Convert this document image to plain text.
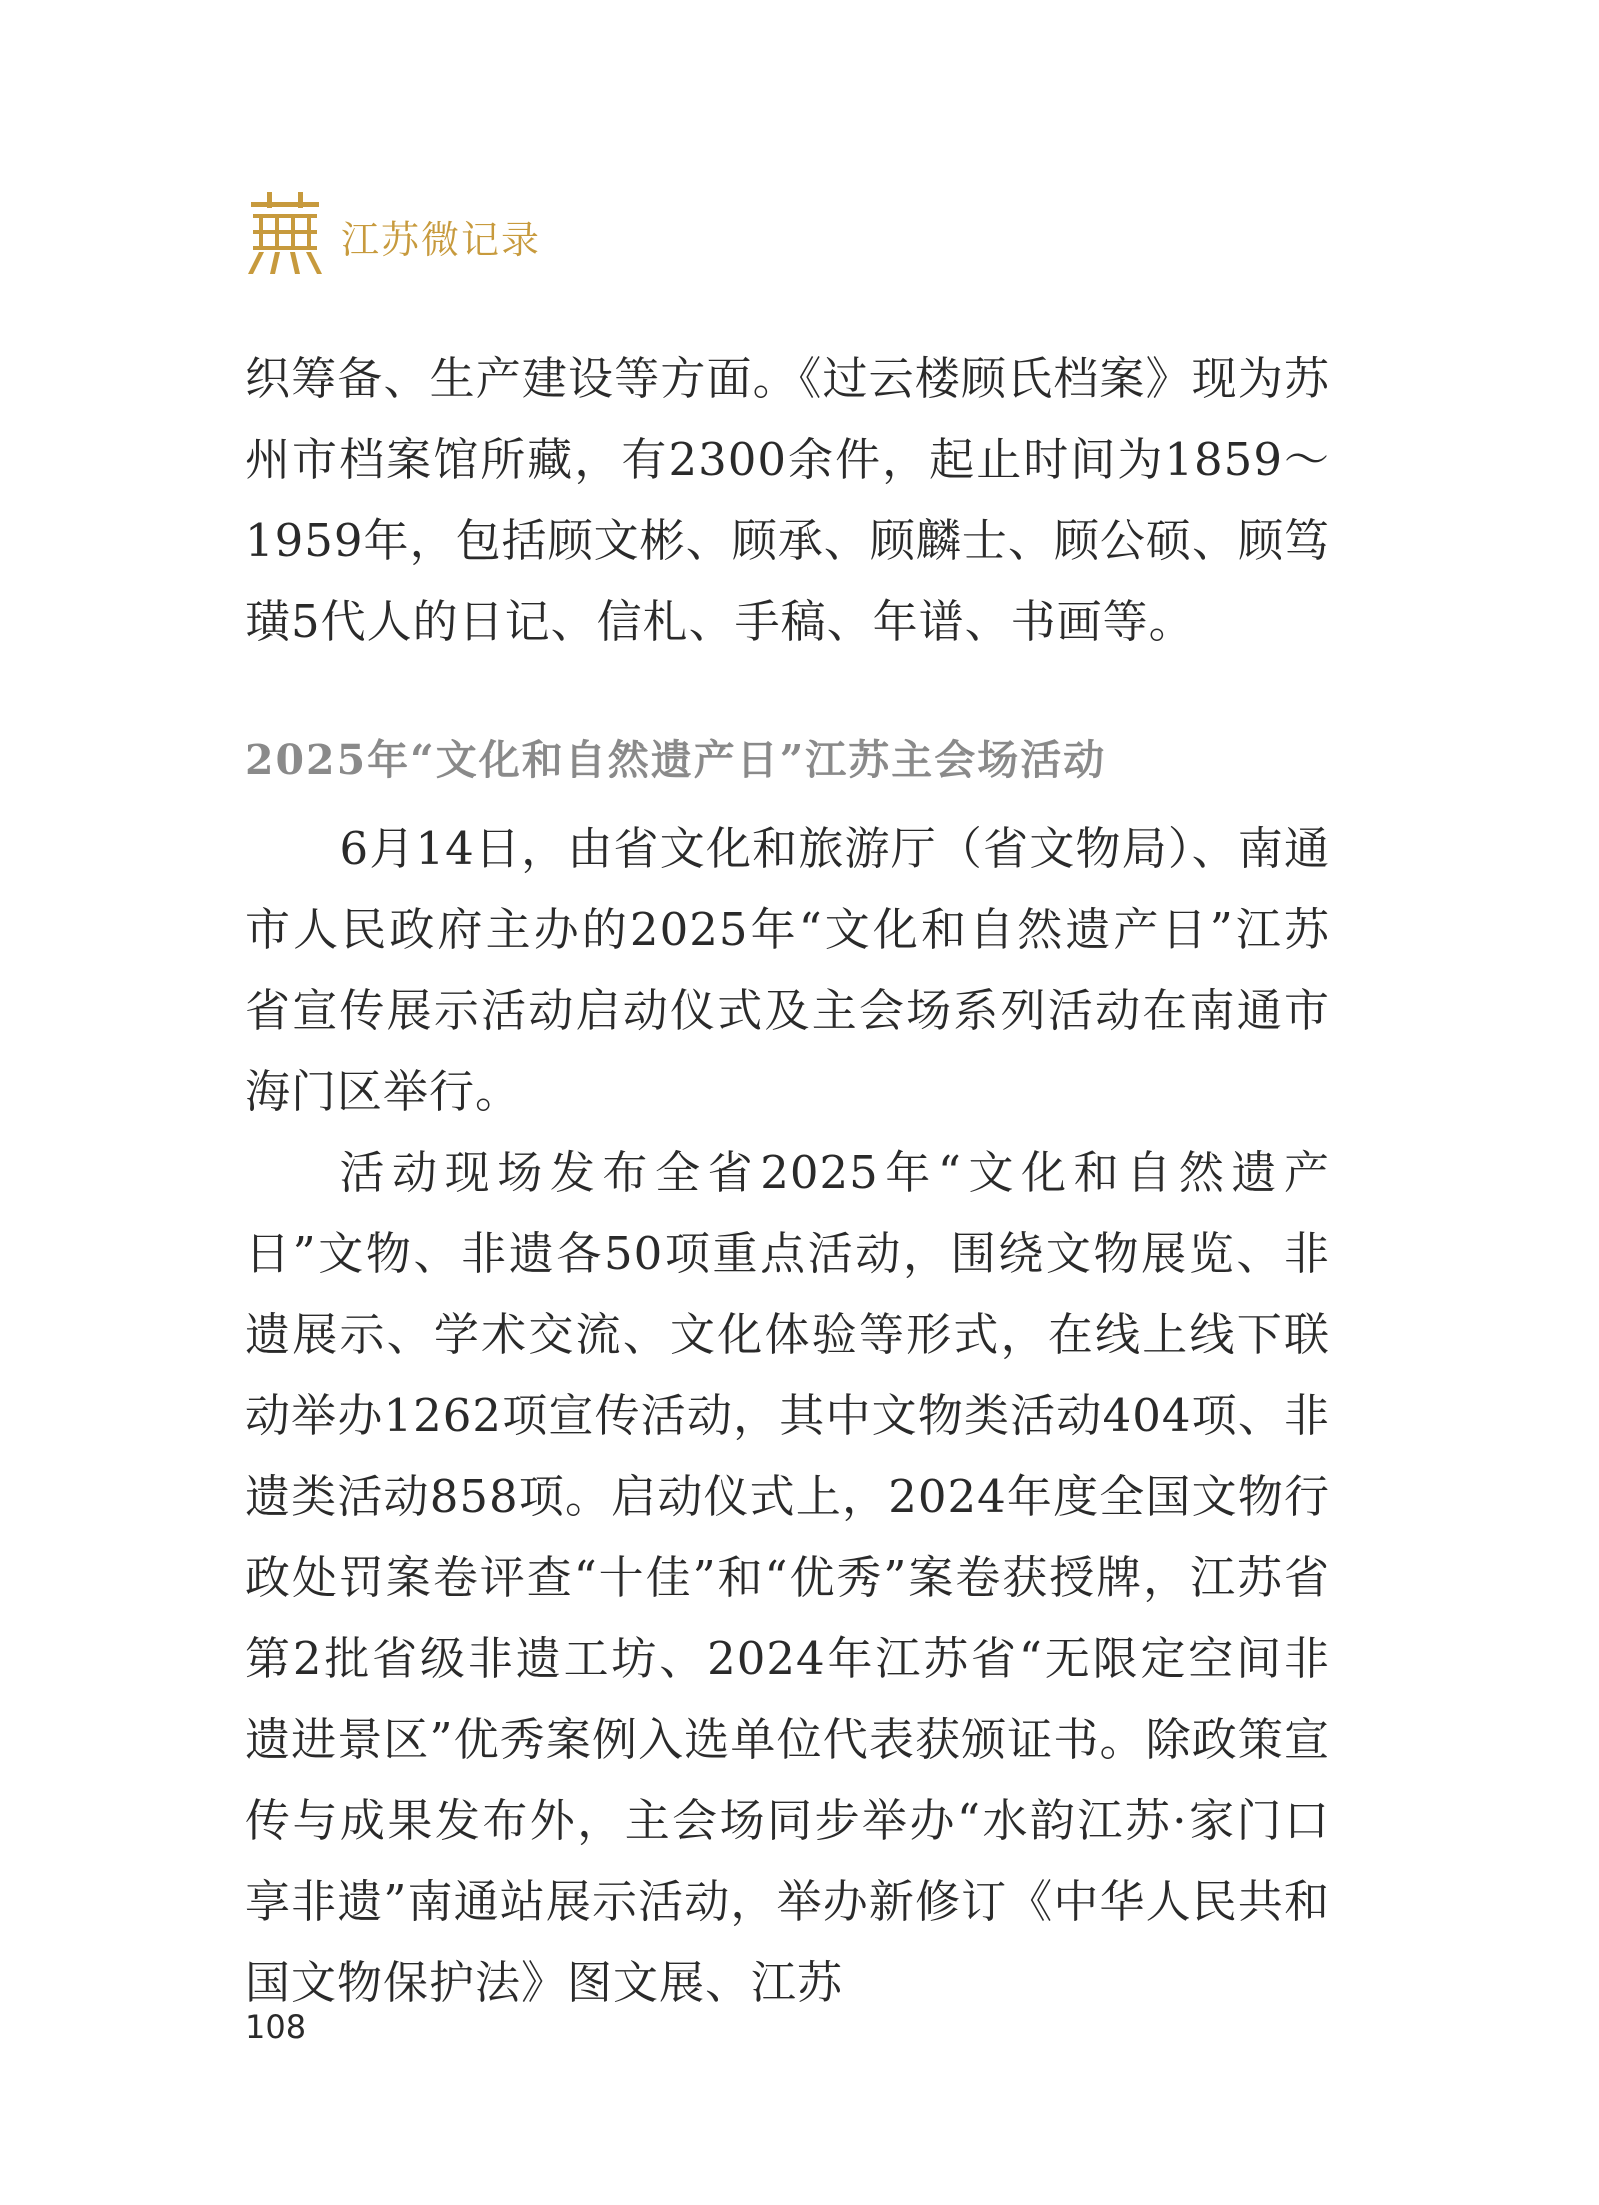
江苏微记录

织筹备、生产建设等方面。《过云楼顾氏档案》现为苏州市档案馆所藏，有2300余件，起止时间为1859～1959年，包括顾文彬、顾承、顾麟士、顾公硕、顾笃璜5代人的日记、信札、手稿、年谱、书画等。

2025年“文化和自然遗产日”江苏主会场活动

6月14日，由省文化和旅游厅（省文物局）、南通市人民政府主办的2025年“文化和自然遗产日”江苏省宣传展示活动启动仪式及主会场系列活动在南通市海门区举行。

活动现场发布全省2025年“文化和自然遗产日”文物、非遗各50项重点活动，围绕文物展览、非遗展示、学术交流、文化体验等形式，在线上线下联动举办1262项宣传活动，其中文物类活动404项、非遗类活动858项。启动仪式上，2024年度全国文物行政处罚案卷评查“十佳”和“优秀”案卷获授牌，江苏省第2批省级非遗工坊、2024年江苏省“无限定空间非遗进景区”优秀案例入选单位代表获颁证书。除政策宣传与成果发布外，主会场同步举办“水韵江苏·家门口享非遗”南通站展示活动，举办新修订《中华人民共和国文物保护法》图文展、江苏

108
